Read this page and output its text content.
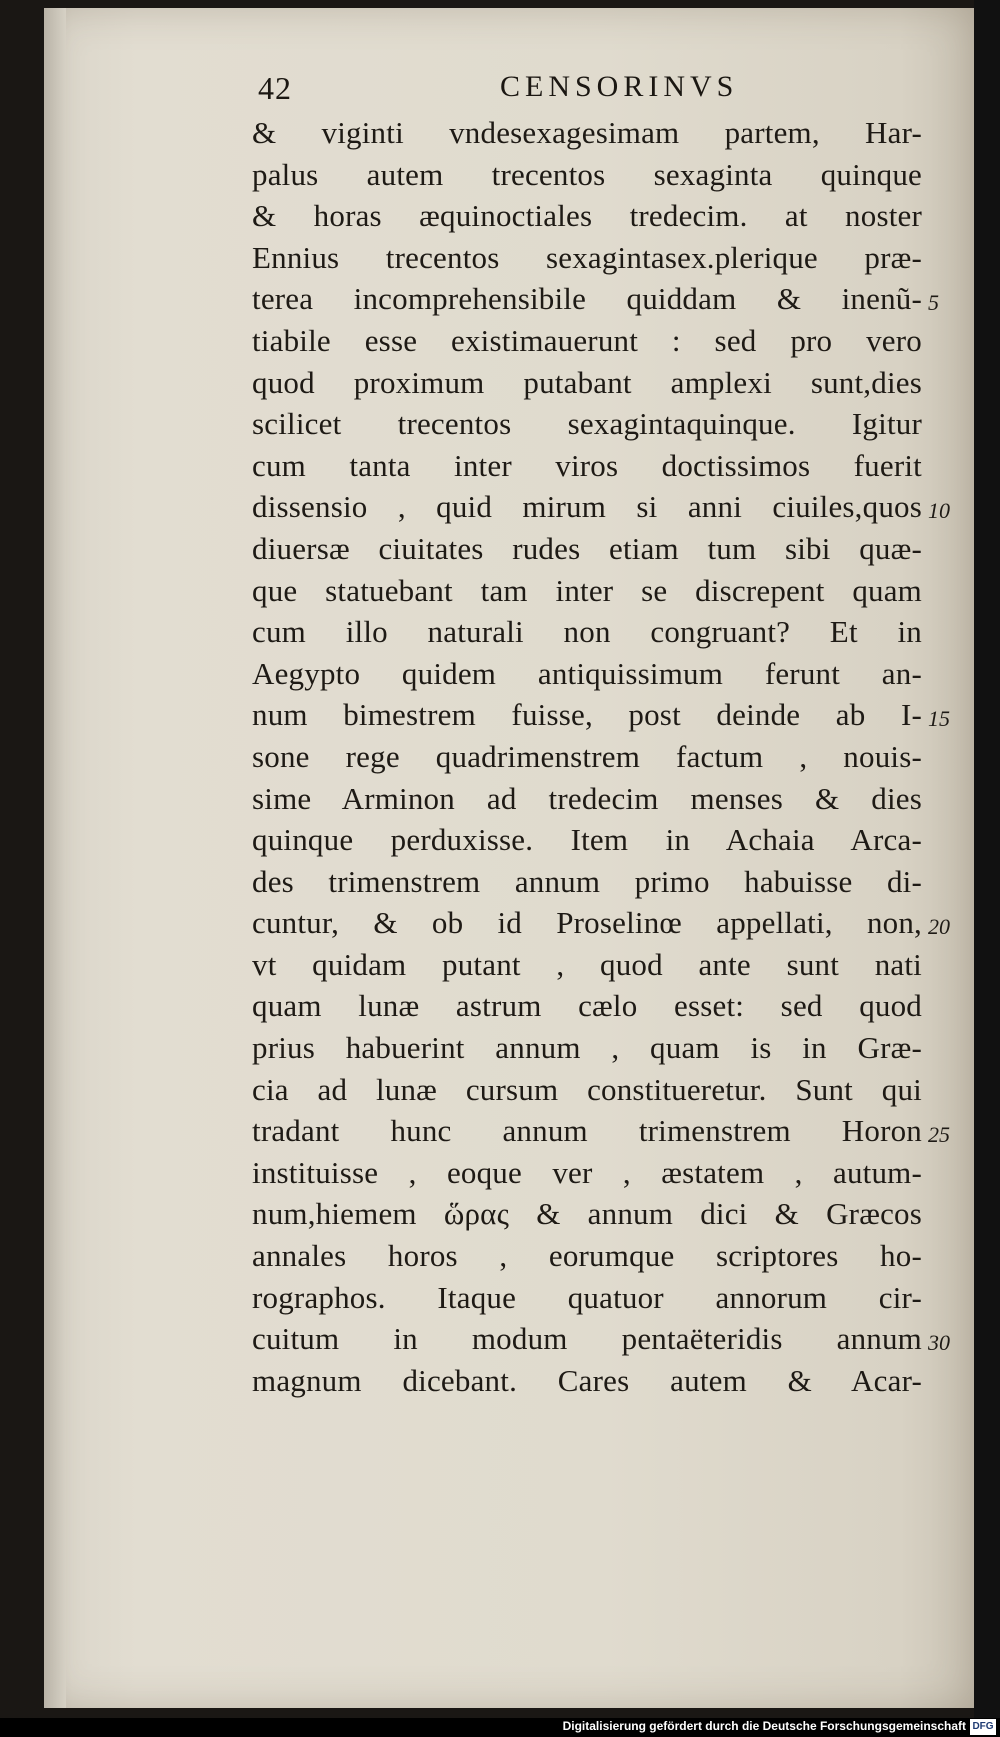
42	CENSORINVS
& viginti vndesexagesimam partem, Har-
palus autem trecentos sexaginta quinque
& horas æquinoctiales tredecim. at noster
Ennius trecentos sexagintasex.plerique præ-
terea incomprehensibile quiddam & inenũ-
tiabile esse existimauerunt : sed pro vero
quod proximum putabant amplexi sunt,dies
scilicet trecentos sexagintaquinque. Igitur
cum tanta inter viros doctissimos fuerit
dissensio , quid mirum si anni ciuiles,quos
diuersæ ciuitates rudes etiam tum sibi quæ-
que statuebant tam inter se discrepent quam
cum illo naturali non congruant? Et in
Aegypto quidem antiquissimum ferunt an-
num bimestrem fuisse, post deinde ab I-
sone rege quadrimenstrem factum , nouis-
sime Arminon ad tredecim menses & dies
quinque perduxisse. Item in Achaia Arca-
des trimenstrem annum primo habuisse di-
cuntur, & ob id Proselinœ appellati, non,
vt quidam putant , quod ante sunt nati
quam lunæ astrum cælo esset: sed quod
prius habuerint annum , quam is in Græ-
cia ad lunæ cursum constitueretur. Sunt qui
tradant hunc annum trimenstrem Horon
instituisse , eoque ver , æstatem , autum-
num,hiemem ὥρας & annum dici & Græcos
annales horos , eorumque scriptores ho-
rographos. Itaque quatuor annorum cir-
cuitum in modum pentaëteridis annum
magnum dicebant. Cares autem & Acar-
5
10
15
20
25
30
Digitalisierung gefördert durch die Deutsche Forschungsgemeinschaft DFG
